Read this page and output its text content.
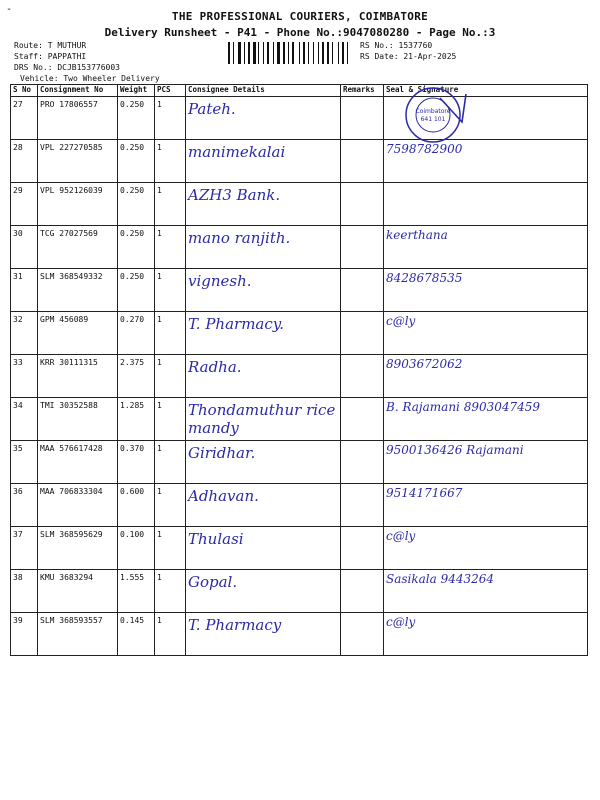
-
THE PROFESSIONAL COURIERS, COIMBATORE
Delivery Runsheet - P41 - Phone No.:9047080280 - Page No.:3
Route: T MUTHUR
Staff: PAPPATHI
DRS No.: DCJB153776003
Vehicle: Two Wheeler Delivery
RS No.: 1537760
RS Date: 21-Apr-2025
S No	Consignment No	Weight	PCS	Consignee Details	Remarks	Seal & Signature
27	PRO 17806557	0.250	1	Pateh.		
28	VPL 227270585	0.250	1	manimekalai		7598782900
29	VPL 952126039	0.250	1	AZH3 Bank.		
30	TCG 27027569	0.250	1	mano ranjith.		keerthana
31	SLM 368549332	0.250	1	vignesh.		8428678535
32	GPM 456089	0.270	1	T. Pharmacy.		c@ly
33	KRR 30111315	2.375	1	Radha.		8903672062
34	TMI 30352588	1.285	1	Thondamuthur rice mandy		B. Rajamani 8903047459
35	MAA 576617428	0.370	1	Giridhar.		9500136426 Rajamani
36	MAA 706833304	0.600	1	Adhavan.		9514171667
37	SLM 368595629	0.100	1	Thulasi		c@ly
38	KMU 3683294	1.555	1	Gopal.		Sasikala 9443264
39	SLM 368593557	0.145	1	T. Pharmacy		c@ly
Coimbatore
641 101
